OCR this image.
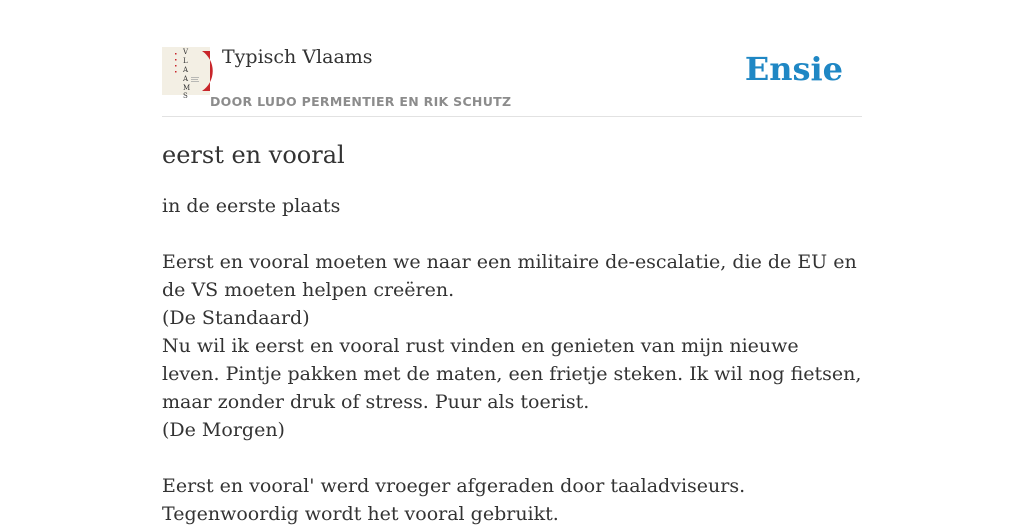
V
L
A
A
M
S
Typisch Vlaams
DOOR LUDO PERMENTIER EN RIK SCHUTZ
Ensie
eerst en vooral

in de eerste plaats

Eerst en vooral moeten we naar een militaire de-escalatie, die de EU en de VS moeten helpen creëren.

(De Standaard)

Nu wil ik eerst en vooral rust vinden en genieten van mijn nieuwe leven. Pintje pakken met de maten, een frietje steken. Ik wil nog fietsen, maar zonder druk of stress. Puur als toerist.

(De Morgen)

Eerst en vooral' werd vroeger afgeraden door taaladviseurs. Tegenwoordig wordt het vooral gebruikt.
